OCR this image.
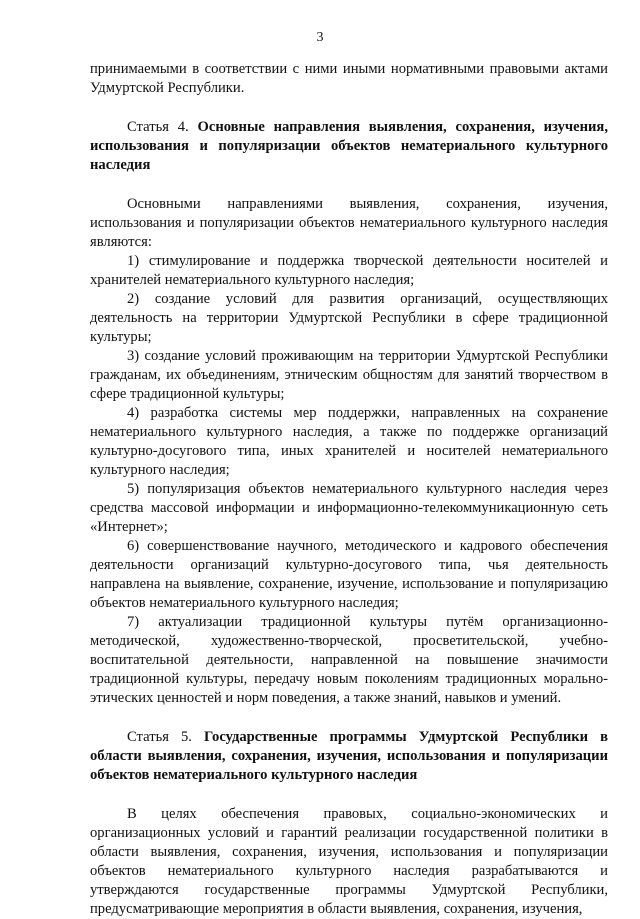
3

принимаемыми в соответствии с ними иными нормативными правовыми актами Удмуртской Республики.

Статья 4. Основные направления выявления, сохранения, изучения, использования и популяризации объектов нематериального культурного наследия

Основными направлениями выявления, сохранения, изучения, использования и популяризации объектов нематериального культурного наследия являются:

1) стимулирование и поддержка творческой деятельности носителей и хранителей нематериального культурного наследия;

2) создание условий для развития организаций, осуществляющих деятельность на территории Удмуртской Республики в сфере традиционной культуры;

3) создание условий проживающим на территории Удмуртской Республики гражданам, их объединениям, этническим общностям для занятий творчеством в сфере традиционной культуры;

4) разработка системы мер поддержки, направленных на сохранение нематериального культурного наследия, а также по поддержке организаций культурно-досугового типа, иных хранителей и носителей нематериального культурного наследия;

5) популяризация объектов нематериального культурного наследия через средства массовой информации и информационно-телекоммуникационную сеть «Интернет»;

6) совершенствование научного, методического и кадрового обеспечения деятельности организаций культурно-досугового типа, чья деятельность направлена на выявление, сохранение, изучение, использование и популяризацию объектов нематериального культурного наследия;

7) актуализации традиционной культуры путём организационно-методической, художественно-творческой, просветительской, учебно-воспитательной деятельности, направленной на повышение значимости традиционной культуры, передачу новым поколениям традиционных морально-этических ценностей и норм поведения, а также знаний, навыков и умений.

Статья 5. Государственные программы Удмуртской Республики в области выявления, сохранения, изучения, использования и популяризации объектов нематериального культурного наследия

В целях обеспечения правовых, социально-экономических и организационных условий и гарантий реализации государственной политики в области выявления, сохранения, изучения, использования и популяризации объектов нематериального культурного наследия разрабатываются и утверждаются государственные программы Удмуртской Республики, предусматривающие мероприятия в области выявления, сохранения, изучения,
